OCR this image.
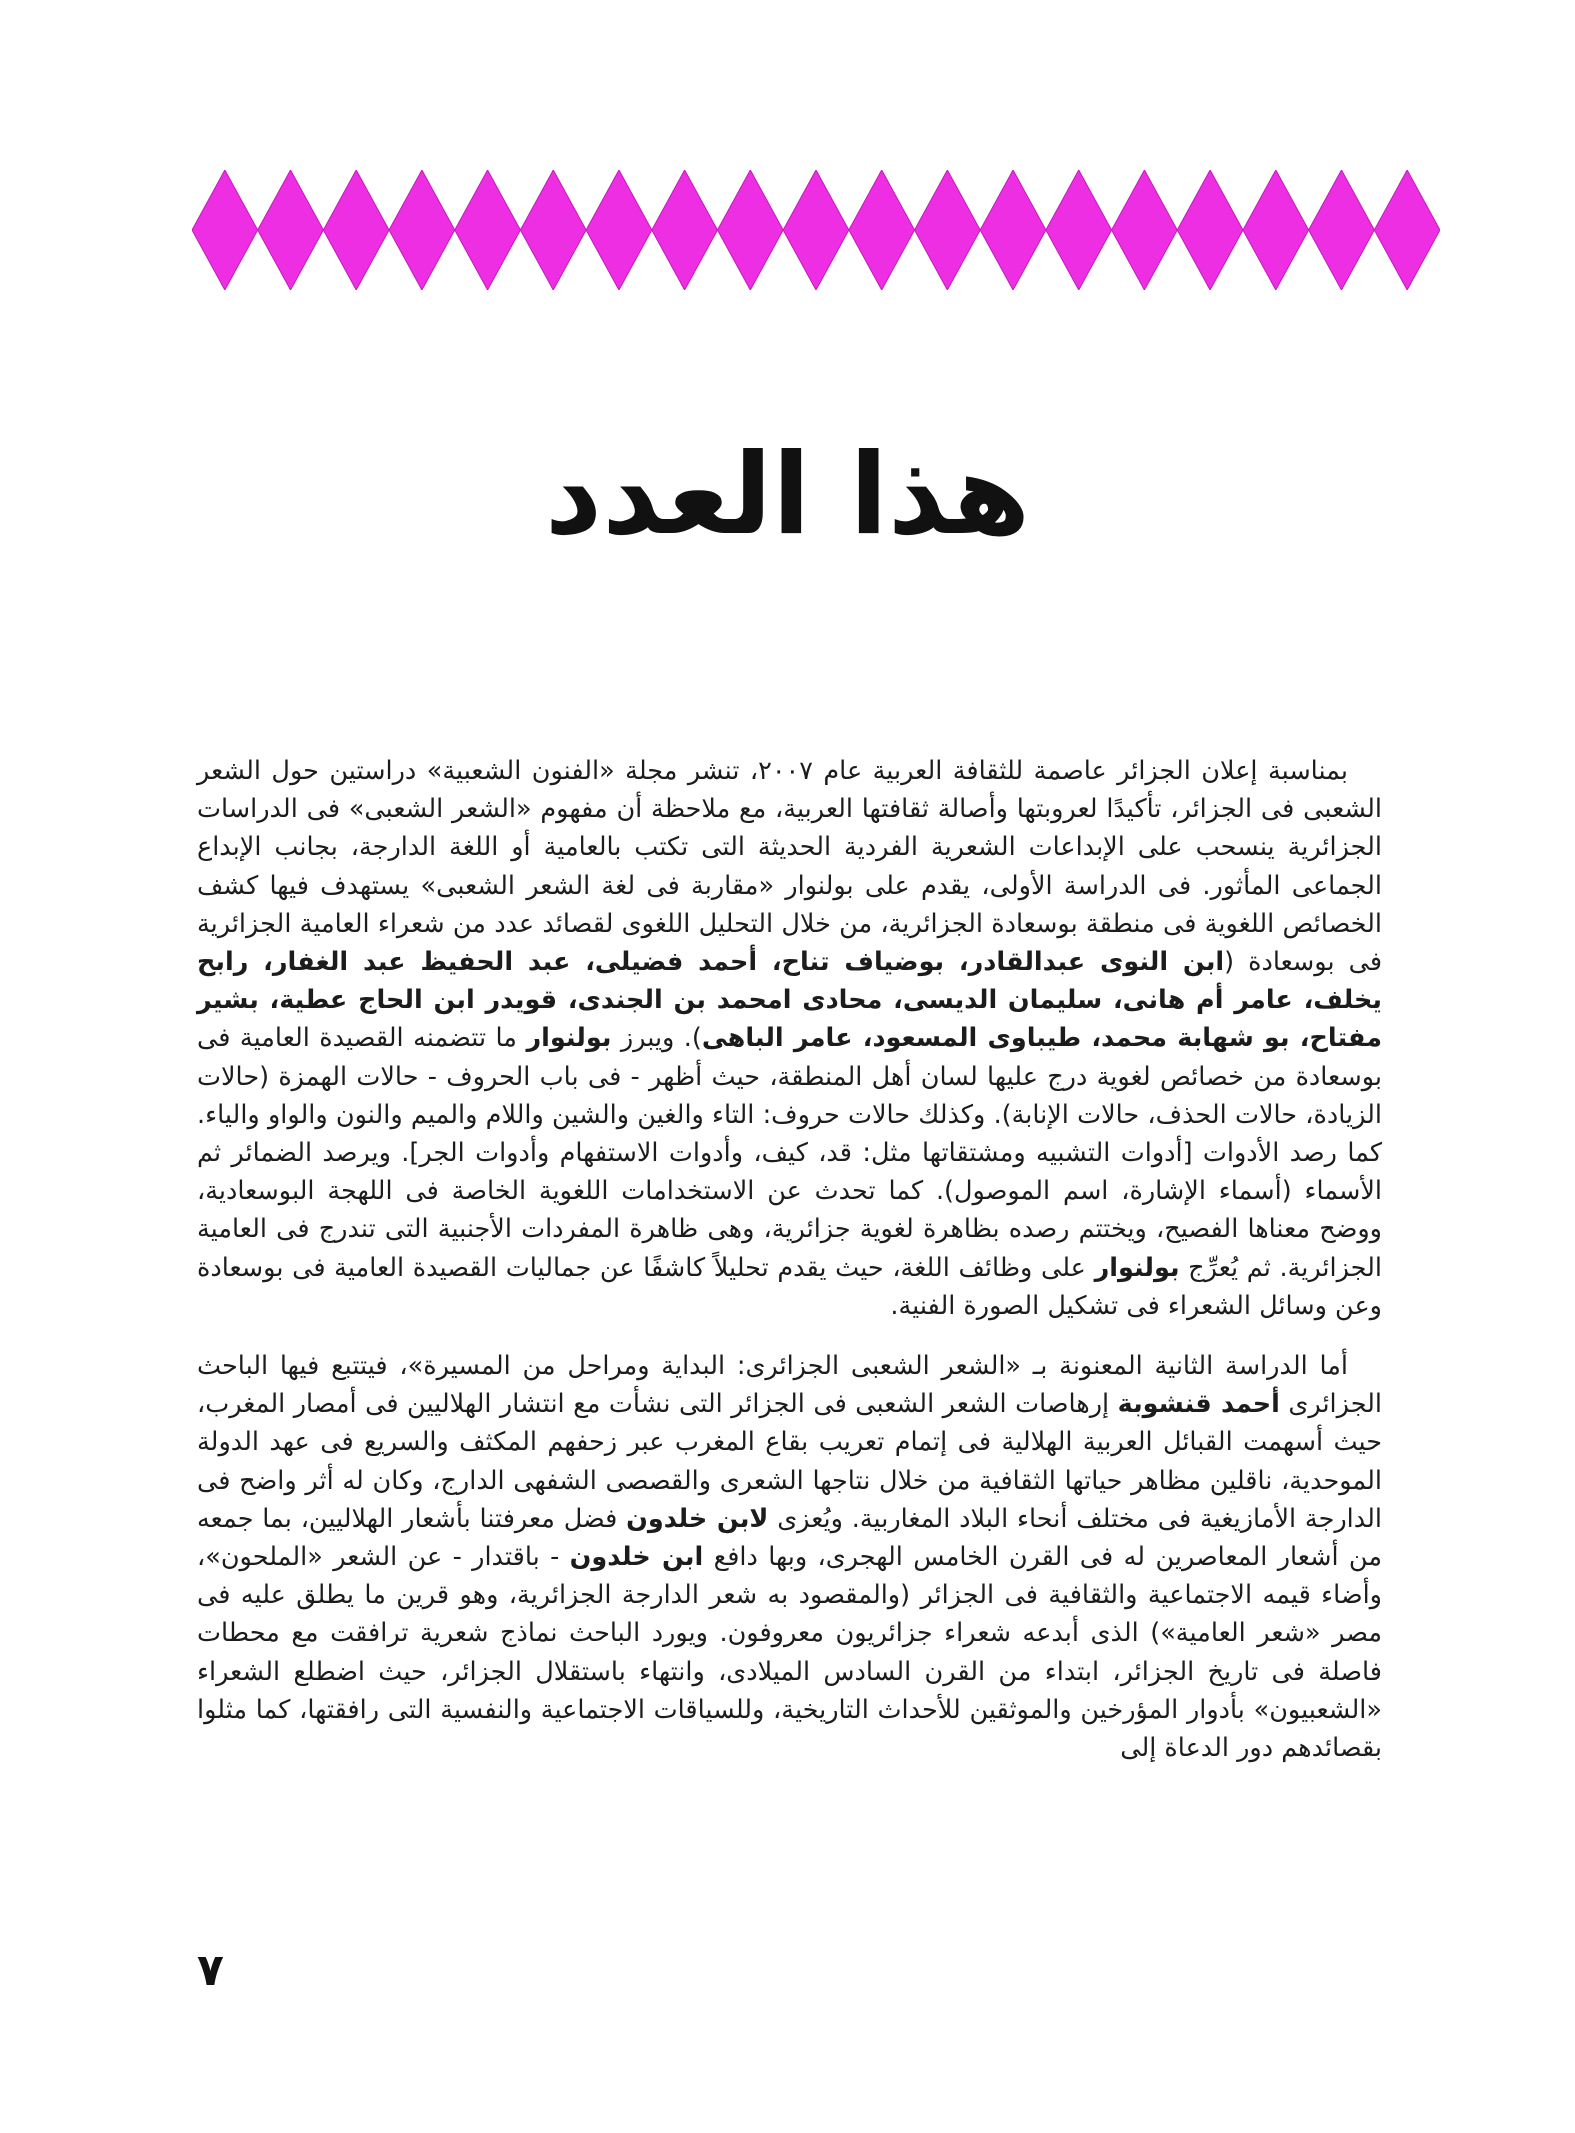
هذا العدد

بمناسبة إعلان الجزائر عاصمة للثقافة العربية عام ٢٠٠٧، تنشر مجلة «الفنون الشعبية» دراستين حول الشعر الشعبى فى الجزائر، تأكيدًا لعروبتها وأصالة ثقافتها العربية، مع ملاحظة أن مفهوم «الشعر الشعبى» فى الدراسات الجزائرية ينسحب على الإبداعات الشعرية الفردية الحديثة التى تكتب بالعامية أو اللغة الدارجة، بجانب الإبداع الجماعى المأثور. فى الدراسة الأولى، يقدم على بولنوار «مقاربة فى لغة الشعر الشعبى» يستهدف فيها كشف الخصائص اللغوية فى منطقة بوسعادة الجزائرية، من خلال التحليل اللغوى لقصائد عدد من شعراء العامية الجزائرية فى بوسعادة (ابن النوى عبدالقادر، بوضياف تناح، أحمد فضيلى، عبد الحفيظ عبد الغفار، رابح يخلف، عامر أم هانى، سليمان الديسى، محادى امحمد بن الجندى، قويدر ابن الحاج عطية، بشير مفتاح، بو شهابة محمد، طيباوى المسعود، عامر الباهى). ويبرز بولنوار ما تتضمنه القصيدة العامية فى بوسعادة من خصائص لغوية درج عليها لسان أهل المنطقة، حيث أظهر - فى باب الحروف - حالات الهمزة (حالات الزيادة، حالات الحذف، حالات الإنابة). وكذلك حالات حروف: التاء والغين والشين واللام والميم والنون والواو والياء. كما رصد الأدوات [أدوات التشبيه ومشتقاتها مثل: قد، كيف، وأدوات الاستفهام وأدوات الجر]. ويرصد الضمائر ثم الأسماء (أسماء الإشارة، اسم الموصول). كما تحدث عن الاستخدامات اللغوية الخاصة فى اللهجة البوسعادية، ووضح معناها الفصيح، ويختتم رصده بظاهرة لغوية جزائرية، وهى ظاهرة المفردات الأجنبية التى تندرج فى العامية الجزائرية. ثم يُعرِّج بولنوار على وظائف اللغة، حيث يقدم تحليلاً كاشفًا عن جماليات القصيدة العامية فى بوسعادة وعن وسائل الشعراء فى تشكيل الصورة الفنية.

أما الدراسة الثانية المعنونة بـ «الشعر الشعبى الجزائرى: البداية ومراحل من المسيرة»، فيتتبع فيها الباحث الجزائرى أحمد قنشوبة إرهاصات الشعر الشعبى فى الجزائر التى نشأت مع انتشار الهلاليين فى أمصار المغرب، حيث أسهمت القبائل العربية الهلالية فى إتمام تعريب بقاع المغرب عبر زحفهم المكثف والسريع فى عهد الدولة الموحدية، ناقلين مظاهر حياتها الثقافية من خلال نتاجها الشعرى والقصصى الشفهى الدارج، وكان له أثر واضح فى الدارجة الأمازيغية فى مختلف أنحاء البلاد المغاربية. ويُعزى لابن خلدون فضل معرفتنا بأشعار الهلاليين، بما جمعه من أشعار المعاصرين له فى القرن الخامس الهجرى، وبها دافع ابن خلدون - باقتدار - عن الشعر «الملحون»، وأضاء قيمه الاجتماعية والثقافية فى الجزائر (والمقصود به شعر الدارجة الجزائرية، وهو قرين ما يطلق عليه فى مصر «شعر العامية») الذى أبدعه شعراء جزائريون معروفون. ويورد الباحث نماذج شعرية ترافقت مع محطات فاصلة فى تاريخ الجزائر، ابتداء من القرن السادس الميلادى، وانتهاء باستقلال الجزائر، حيث اضطلع الشعراء «الشعبيون» بأدوار المؤرخين والموثقين للأحداث التاريخية، وللسياقات الاجتماعية والنفسية التى رافقتها، كما مثلوا بقصائدهم دور الدعاة إلى

٧
